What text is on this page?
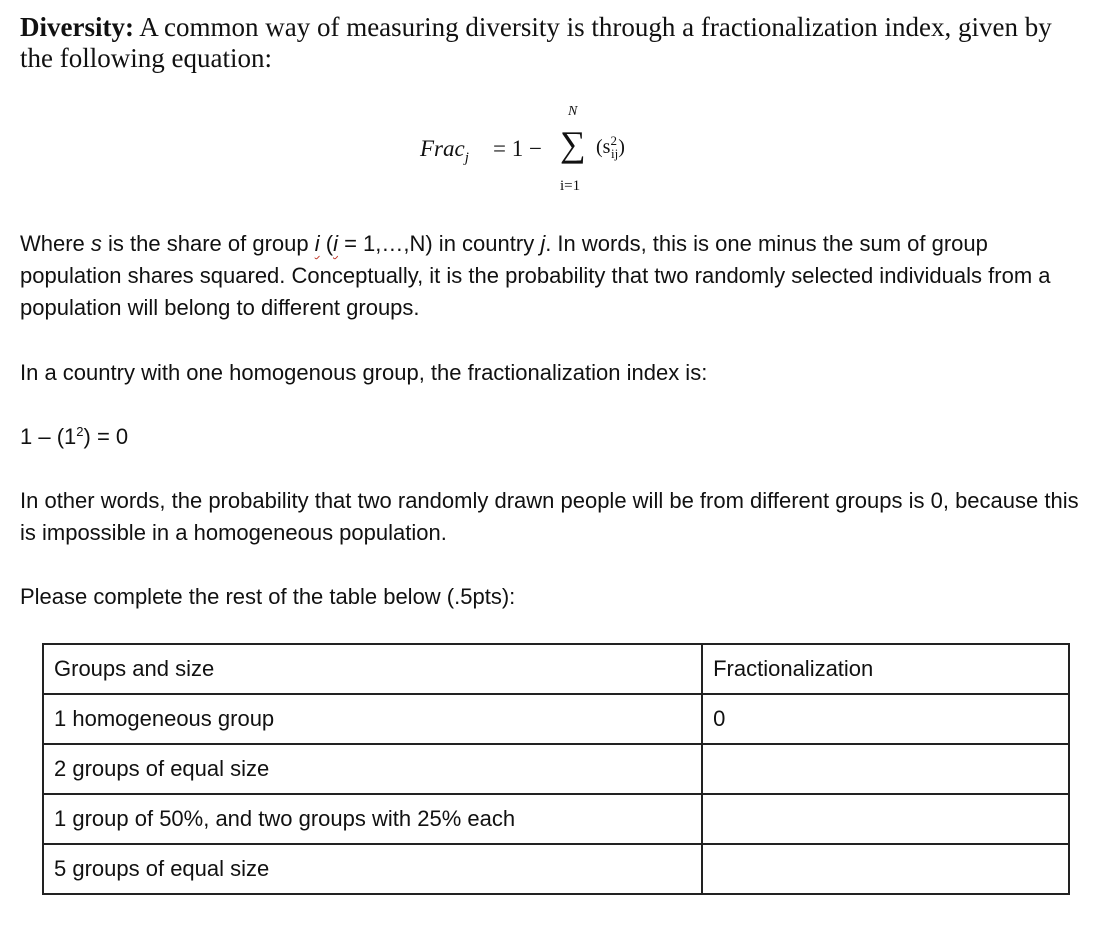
Diversity: A common way of measuring diversity is through a fractionalization index, given by the following equation:
Frac$_j$ = 1 −
N
∑
i=1
$(s^2_{ij})$
Where s is the share of group i (i = 1,…,N) in country j. In words, this is one minus the sum of group population shares squared. Conceptually, it is the probability that two randomly selected individuals from a population will belong to different groups.
In a country with one homogenous group, the fractionalization index is:
$1 - (1^2) = 0$
In other words, the probability that two randomly drawn people will be from different groups is 0, because this is impossible in a homogeneous population.
Please complete the rest of the table below (.5pts):
Groups and size	Fractionalization
1 homogeneous group	0
2 groups of equal size	
1 group of 50%, and two groups with 25% each	
5 groups of equal size	
